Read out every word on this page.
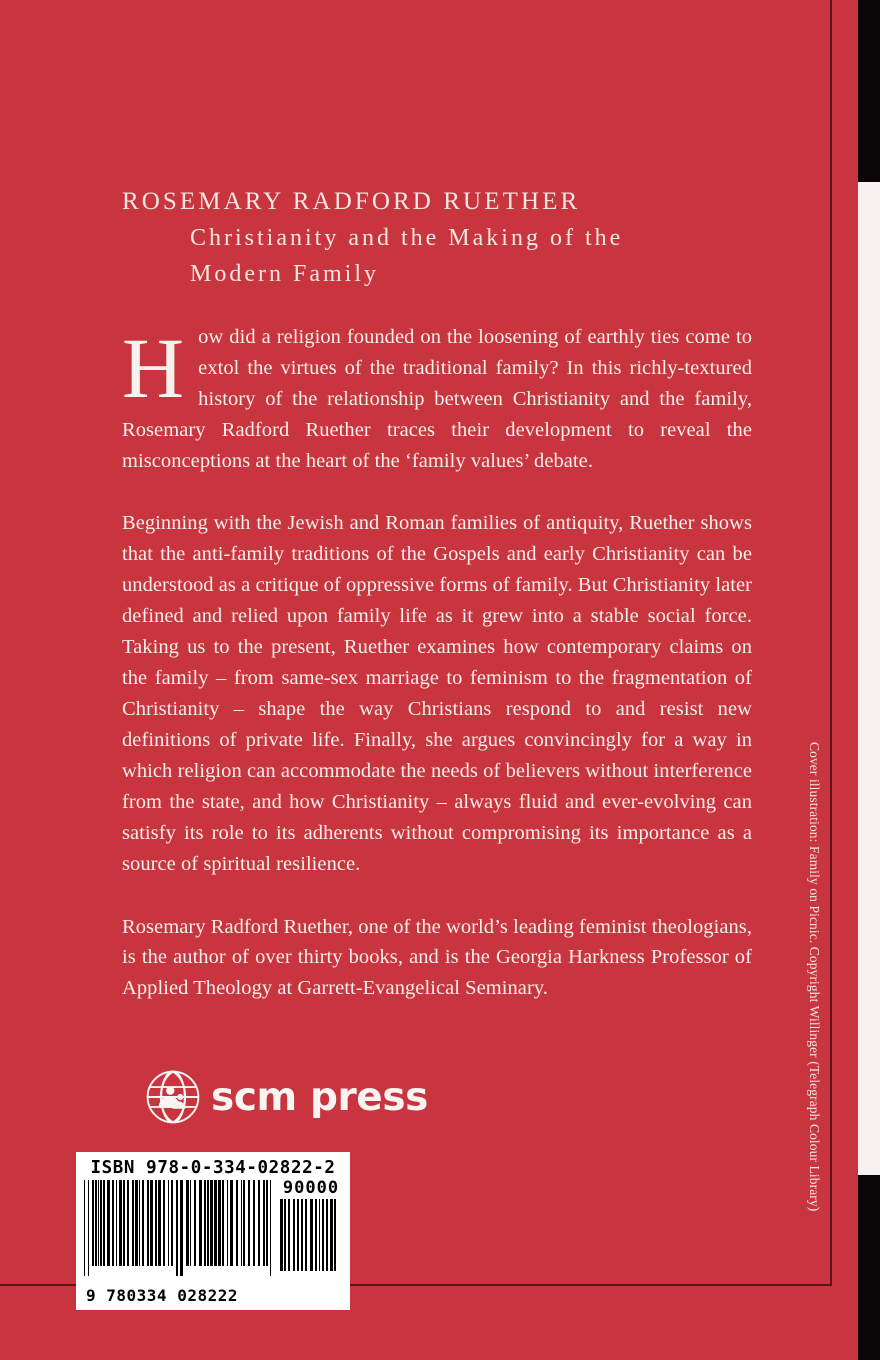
ROSEMARY RADFORD RUETHER
Christianity and the Making of the
Modern Family

How did a religion founded on the loosening of earthly ties come to extol the virtues of the traditional family? In this richly-textured history of the relationship between Christianity and the family, Rosemary Radford Ruether traces their development to reveal the misconceptions at the heart of the ‘family values’ debate.

Beginning with the Jewish and Roman families of antiquity, Ruether shows that the anti-family traditions of the Gospels and early Christianity can be understood as a critique of oppressive forms of family. But Christianity later defined and relied upon family life as it grew into a stable social force. Taking us to the present, Ruether examines how contemporary claims on the family – from same-sex marriage to feminism to the fragmentation of Christianity – shape the way Christians respond to and resist new definitions of private life. Finally, she argues convincingly for a way in which religion can accommodate the needs of believers without interference from the state, and how Christianity – always fluid and ever-evolving can satisfy its role to its adherents without compromising its importance as a source of spiritual resilience.

Rosemary Radford Ruether, one of the world’s leading feminist theologians, is the author of over thirty books, and is the Georgia Harkness Professor of Applied Theology at Garrett-Evangelical Seminary.

scm press
ISBN 978-0-334-02822-2
9 780334 028222
90000	Cover illustration: Family on Picnic. Copyright Willinger (Telegraph Colour Library)
